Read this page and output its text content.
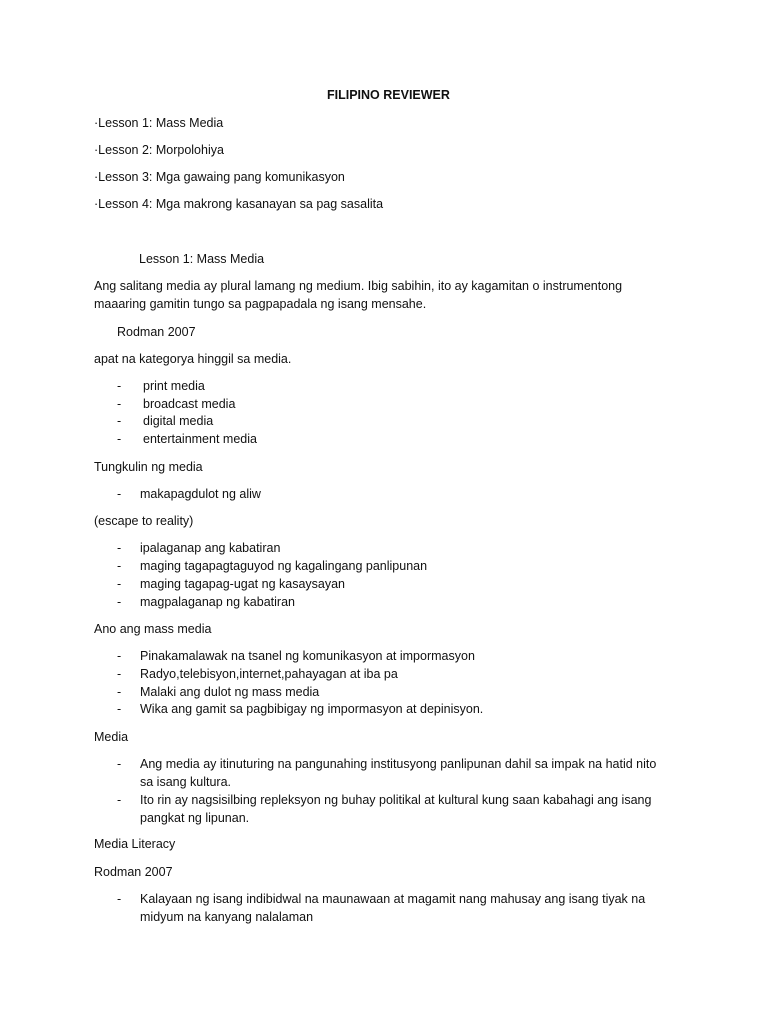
FILIPINO REVIEWER
·Lesson 1: Mass Media
·Lesson 2: Morpolohiya
·Lesson 3: Mga gawaing pang komunikasyon
·Lesson 4: Mga makrong kasanayan sa pag sasalita
Lesson 1: Mass Media
Ang salitang media ay plural lamang ng medium. Ibig sabihin, ito ay kagamitan o instrumentong maaaring gamitin tungo sa pagpapadala ng isang mensahe.
Rodman 2007
apat na kategorya hinggil sa media.
- print media
- broadcast media
- digital media
- entertainment media
Tungkulin ng media
- makapagdulot ng aliw
(escape to reality)
- ipalaganap ang kabatiran
- maging tagapagtaguyod ng kagalingang panlipunan
- maging tagapag-ugat ng kasaysayan
- magpalaganap ng kabatiran
Ano ang mass media
- Pinakamalawak na tsanel ng komunikasyon at impormasyon
- Radyo,telebisyon,internet,pahayagan at iba pa
- Malaki ang dulot ng mass media
- Wika ang gamit sa pagbibigay ng impormasyon at depinisyon.
Media
- Ang media ay itinuturing na pangunahing institusyong panlipunan dahil sa impak na hatid nito sa isang kultura.
- Ito rin ay nagsisilbing repleksyon ng buhay politikal at kultural kung saan kabahagi ang isang pangkat ng lipunan.
Media Literacy
Rodman 2007
- Kalayaan ng isang indibidwal na maunawaan at magamit nang mahusay ang isang tiyak na midyum na kanyang nalalaman
